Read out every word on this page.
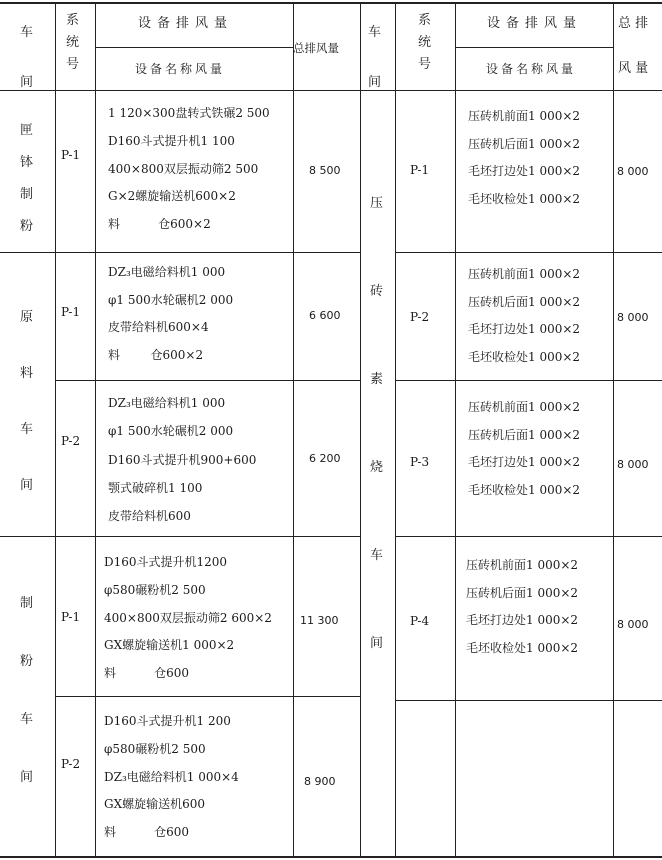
车间
系统号
设备排风量
设备名称风量
总排风量
车间
系统号
设备排风量
设备名称风量
总 排
风 量
匣钵制粉
原料车间
制粉车间
压砖素烧车间
P-1
1 120×300盘转式铁碾2 500
D160斗式提升机1 100
400×800双层振动筛2 500
G×2螺旋输送机600×2
料          仓600×2
8 500
P-1
DZ₃电磁给料机1 000
φ1 500水轮碾机2 000
皮带给料机600×4
料        仓600×2
6 600
P-2
DZ₃电磁给料机1 000
φ1 500水轮碾机2 000
D160斗式提升机900+600
颚式破碎机1 100
皮带给料机600
6 200
P-1
D160斗式提升机1200
φ580碾粉机2 500
400×800双层振动筛2 600×2
GX螺旋输送机1 000×2
料          仓600
11 300
P-2
D160斗式提升机1 200
φ580碾粉机2 500
DZ₃电磁给料机1 000×4
GX螺旋输送机600
料          仓600
8 900
P-1
压砖机前面1 000×2
压砖机后面1 000×2
毛坯打边处1 000×2
毛坯收检处1 000×2
8 000
P-2
压砖机前面1 000×2
压砖机后面1 000×2
毛坯打边处1 000×2
毛坯收检处1 000×2
8 000
P-3
压砖机前面1 000×2
压砖机后面1 000×2
毛坯打边处1 000×2
毛坯收检处1 000×2
8 000
P-4
压砖机前面1 000×2
压砖机后面1 000×2
毛坯打边处1 000×2
毛坯收检处1 000×2
8 000
